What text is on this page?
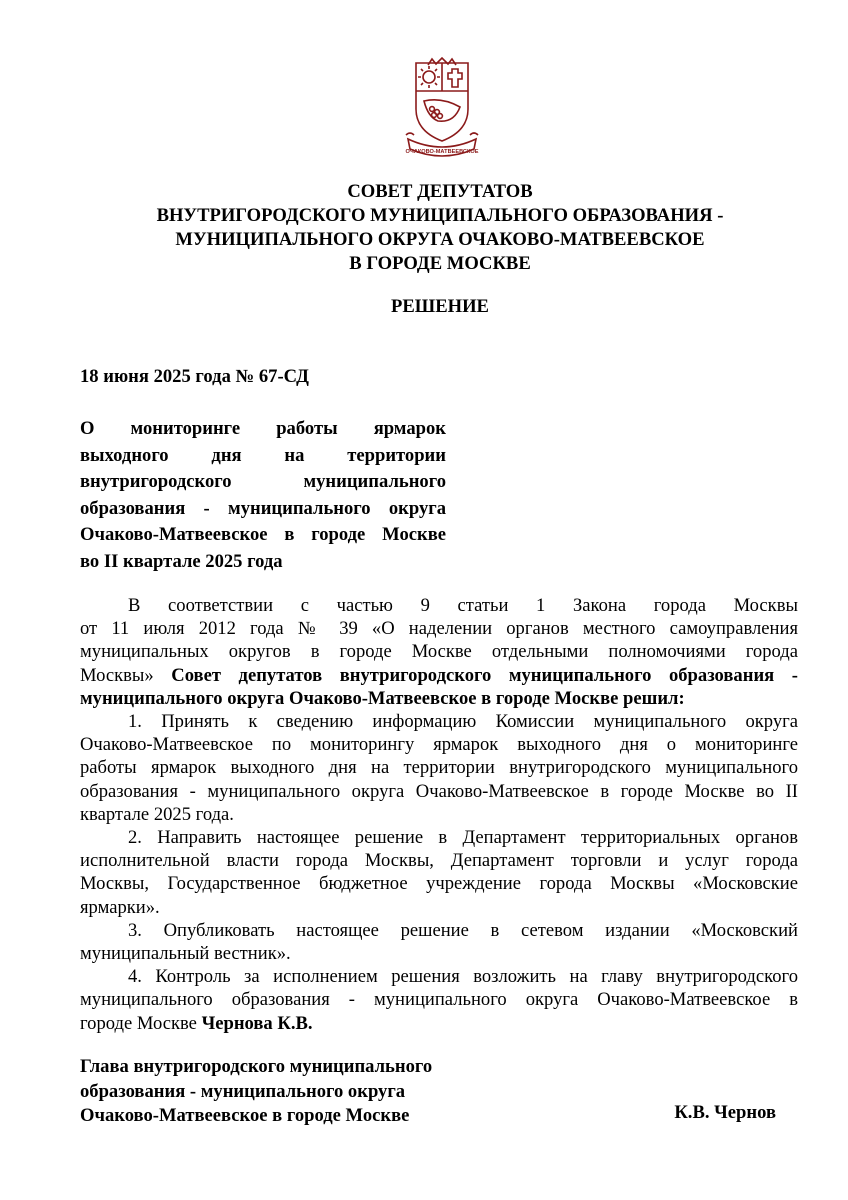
ОЧАКОВО-МАТВЕЕВСКОЕ
СОВЕТ ДЕПУТАТОВ
ВНУТРИГОРОДСКОГО МУНИЦИПАЛЬНОГО ОБРАЗОВАНИЯ -
МУНИЦИПАЛЬНОГО ОКРУГА ОЧАКОВО-МАТВЕЕВСКОЕ
В ГОРОДЕ МОСКВЕ
РЕШЕНИЕ
18 июня 2025 года № 67-СД
О мониторинге работы ярмарок
выходного дня на территории
внутригородского муниципального
образования - муниципального округа
Очаково-Матвеевское в городе Москве
во II квартале 2025 года
В соответствии с частью 9 статьи 1 Закона города Москвы
от 11 июля 2012 года № 39 «О наделении органов местного самоуправления
муниципальных округов в городе Москве отдельными полномочиями города
Москвы» Совет депутатов внутригородского муниципального образования -
муниципального округа Очаково-Матвеевское в городе Москве решил:
1. Принять к сведению информацию Комиссии муниципального округа
Очаково-Матвеевское по мониторингу ярмарок выходного дня о мониторинге
работы ярмарок выходного дня на территории внутригородского муниципального
образования - муниципального округа Очаково-Матвеевское в городе Москве во II
квартале 2025 года.
2. Направить настоящее решение в Департамент территориальных органов
исполнительной власти города Москвы, Департамент торговли и услуг города
Москвы, Государственное бюджетное учреждение города Москвы «Московские
ярмарки».
3. Опубликовать настоящее решение в сетевом издании «Московский
муниципальный вестник».
4. Контроль за исполнением решения возложить на главу внутригородского
муниципального образования - муниципального округа Очаково-Матвеевское в
городе Москве Чернова К.В.
Глава внутригородского муниципального
образования - муниципального округа
Очаково-Матвеевское в городе Москве	К.В. Чернов
